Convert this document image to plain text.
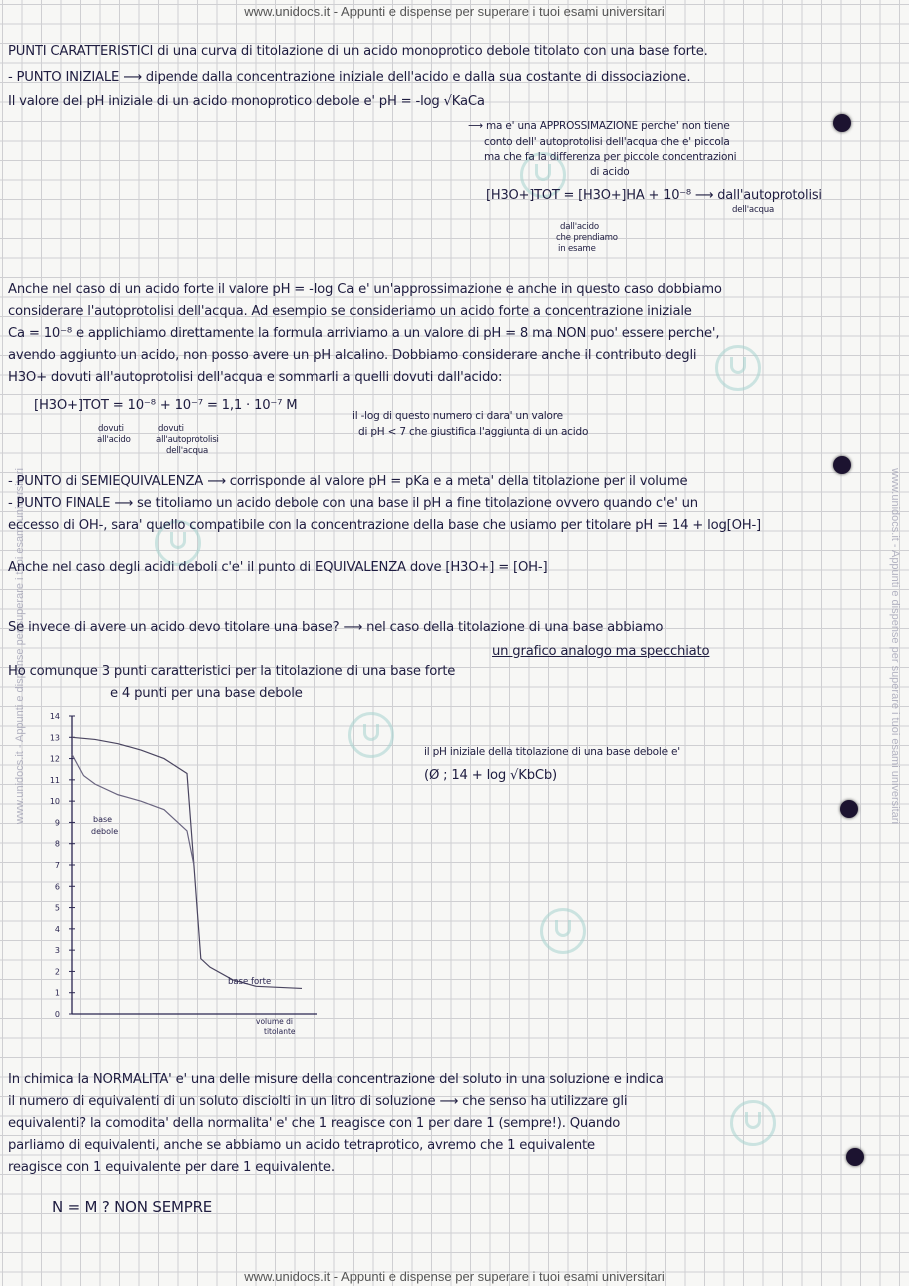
www.unidocs.it - Appunti e dispense per superare i tuoi esami universitari
www.unidocs.it - Appunti e dispense per superare i tuoi esami universitari
www.unidocs.it - Appunti e dispense per superare i tuoi esami universitari	www.unidocs.it - Appunti e dispense per superare i tuoi esami universitari
PUNTI CARATTERISTICI di una curva di titolazione di un acido monoprotico debole titolato con una base forte.
- PUNTO INIZIALE ⟶ dipende dalla concentrazione iniziale dell'acido e dalla sua costante di dissociazione.
Il valore del pH iniziale di un acido monoprotico debole e' pH = -log √KaCa
⟶ ma e' una APPROSSIMAZIONE perche' non tiene
conto dell' autoprotolisi dell'acqua che e' piccola
ma che fa la differenza per piccole concentrazioni
di acido
[H3O+]TOT = [H3O+]HA + 10⁻⁸ ⟶ dall'autoprotolisi
dell'acqua
dall'acido
che prendiamo
in esame
Anche nel caso di un acido forte il valore pH = -log Ca e' un'approssimazione e anche in questo caso dobbiamo
considerare l'autoprotolisi dell'acqua. Ad esempio se consideriamo un acido forte a concentrazione iniziale
Ca = 10⁻⁸ e applichiamo direttamente la formula arriviamo a un valore di pH = 8 ma NON puo' essere perche',
avendo aggiunto un acido, non posso avere un pH alcalino. Dobbiamo considerare anche il contributo degli
H3O+ dovuti all'autoprotolisi dell'acqua e sommarli a quelli dovuti dall'acido:
[H3O+]TOT = 10⁻⁸ + 10⁻⁷ = 1,1 · 10⁻⁷ M
dovuti
all'acido
dovuti
all'autoprotolisi
dell'acqua
il -log di questo numero ci dara' un valore
di pH < 7 che giustifica l'aggiunta di un acido
- PUNTO di SEMIEQUIVALENZA ⟶ corrisponde al valore pH = pKa e a meta' della titolazione per il volume
- PUNTO FINALE ⟶ se titoliamo un acido debole con una base il pH a fine titolazione ovvero quando c'e' un
eccesso di OH-, sara' quello compatibile con la concentrazione della base che usiamo per titolare pH = 14 + log[OH-]
Anche nel caso degli acidi deboli c'e' il punto di EQUIVALENZA dove [H3O+] = [OH-]
Se invece di avere un acido devo titolare una base? ⟶ nel caso della titolazione di una base abbiamo
un grafico analogo ma specchiato
Ho comunque 3 punti caratteristici per la titolazione di una base forte
e 4 punti per una base debole
0
1
2
3
4
5
6
7
8
9
10
11
12
13
14
base forte
base
debole
volume di
titolante
il pH iniziale della titolazione di una base debole e'
(Ø ; 14 + log √KbCb)
In chimica la NORMALITA' e' una delle misure della concentrazione del soluto in una soluzione e indica
il numero di equivalenti di un soluto disciolti in un litro di soluzione ⟶ che senso ha utilizzare gli
equivalenti? la comodita' della normalita' e' che 1 reagisce con 1 per dare 1 (sempre!). Quando
parliamo di equivalenti, anche se abbiamo un acido tetraprotico, avremo che 1 equivalente
reagisce con 1 equivalente per dare 1 equivalente.
N = M ? NON SEMPRE
